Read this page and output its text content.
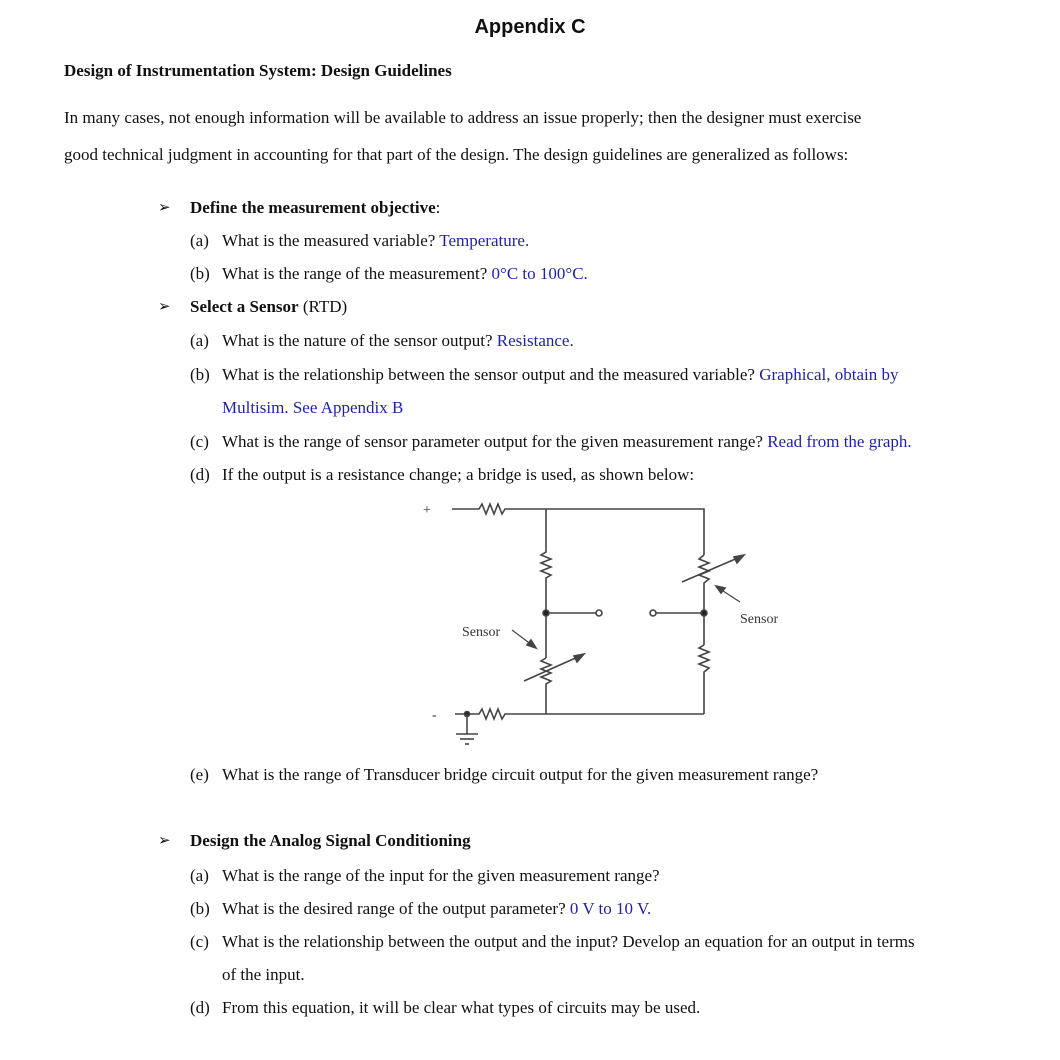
Appendix C
Design of Instrumentation System: Design Guidelines
In many cases, not enough information will be available to address an issue properly; then the designer must exercise
good technical judgment in accounting for that part of the design. The design guidelines are generalized as follows:
➢ Define the measurement objective:
(a) What is the measured variable? Temperature.
(b) What is the range of the measurement? 0°C to 100°C.
➢ Select a Sensor (RTD)
(a) What is the nature of the sensor output? Resistance.
(b) What is the relationship between the sensor output and the measured variable? Graphical, obtain by
Multisim. See Appendix B
(c) What is the range of sensor parameter output for the given measurement range? Read from the graph.
(d) If the output is a resistance change; a bridge is used, as shown below:
+
-
Sensor
Sensor
(e) What is the range of Transducer bridge circuit output for the given measurement range?
➢ Design the Analog Signal Conditioning
(a) What is the range of the input for the given measurement range?
(b) What is the desired range of the output parameter? 0 V to 10 V.
(c) What is the relationship between the output and the input? Develop an equation for an output in terms
of the input.
(d) From this equation, it will be clear what types of circuits may be used.
